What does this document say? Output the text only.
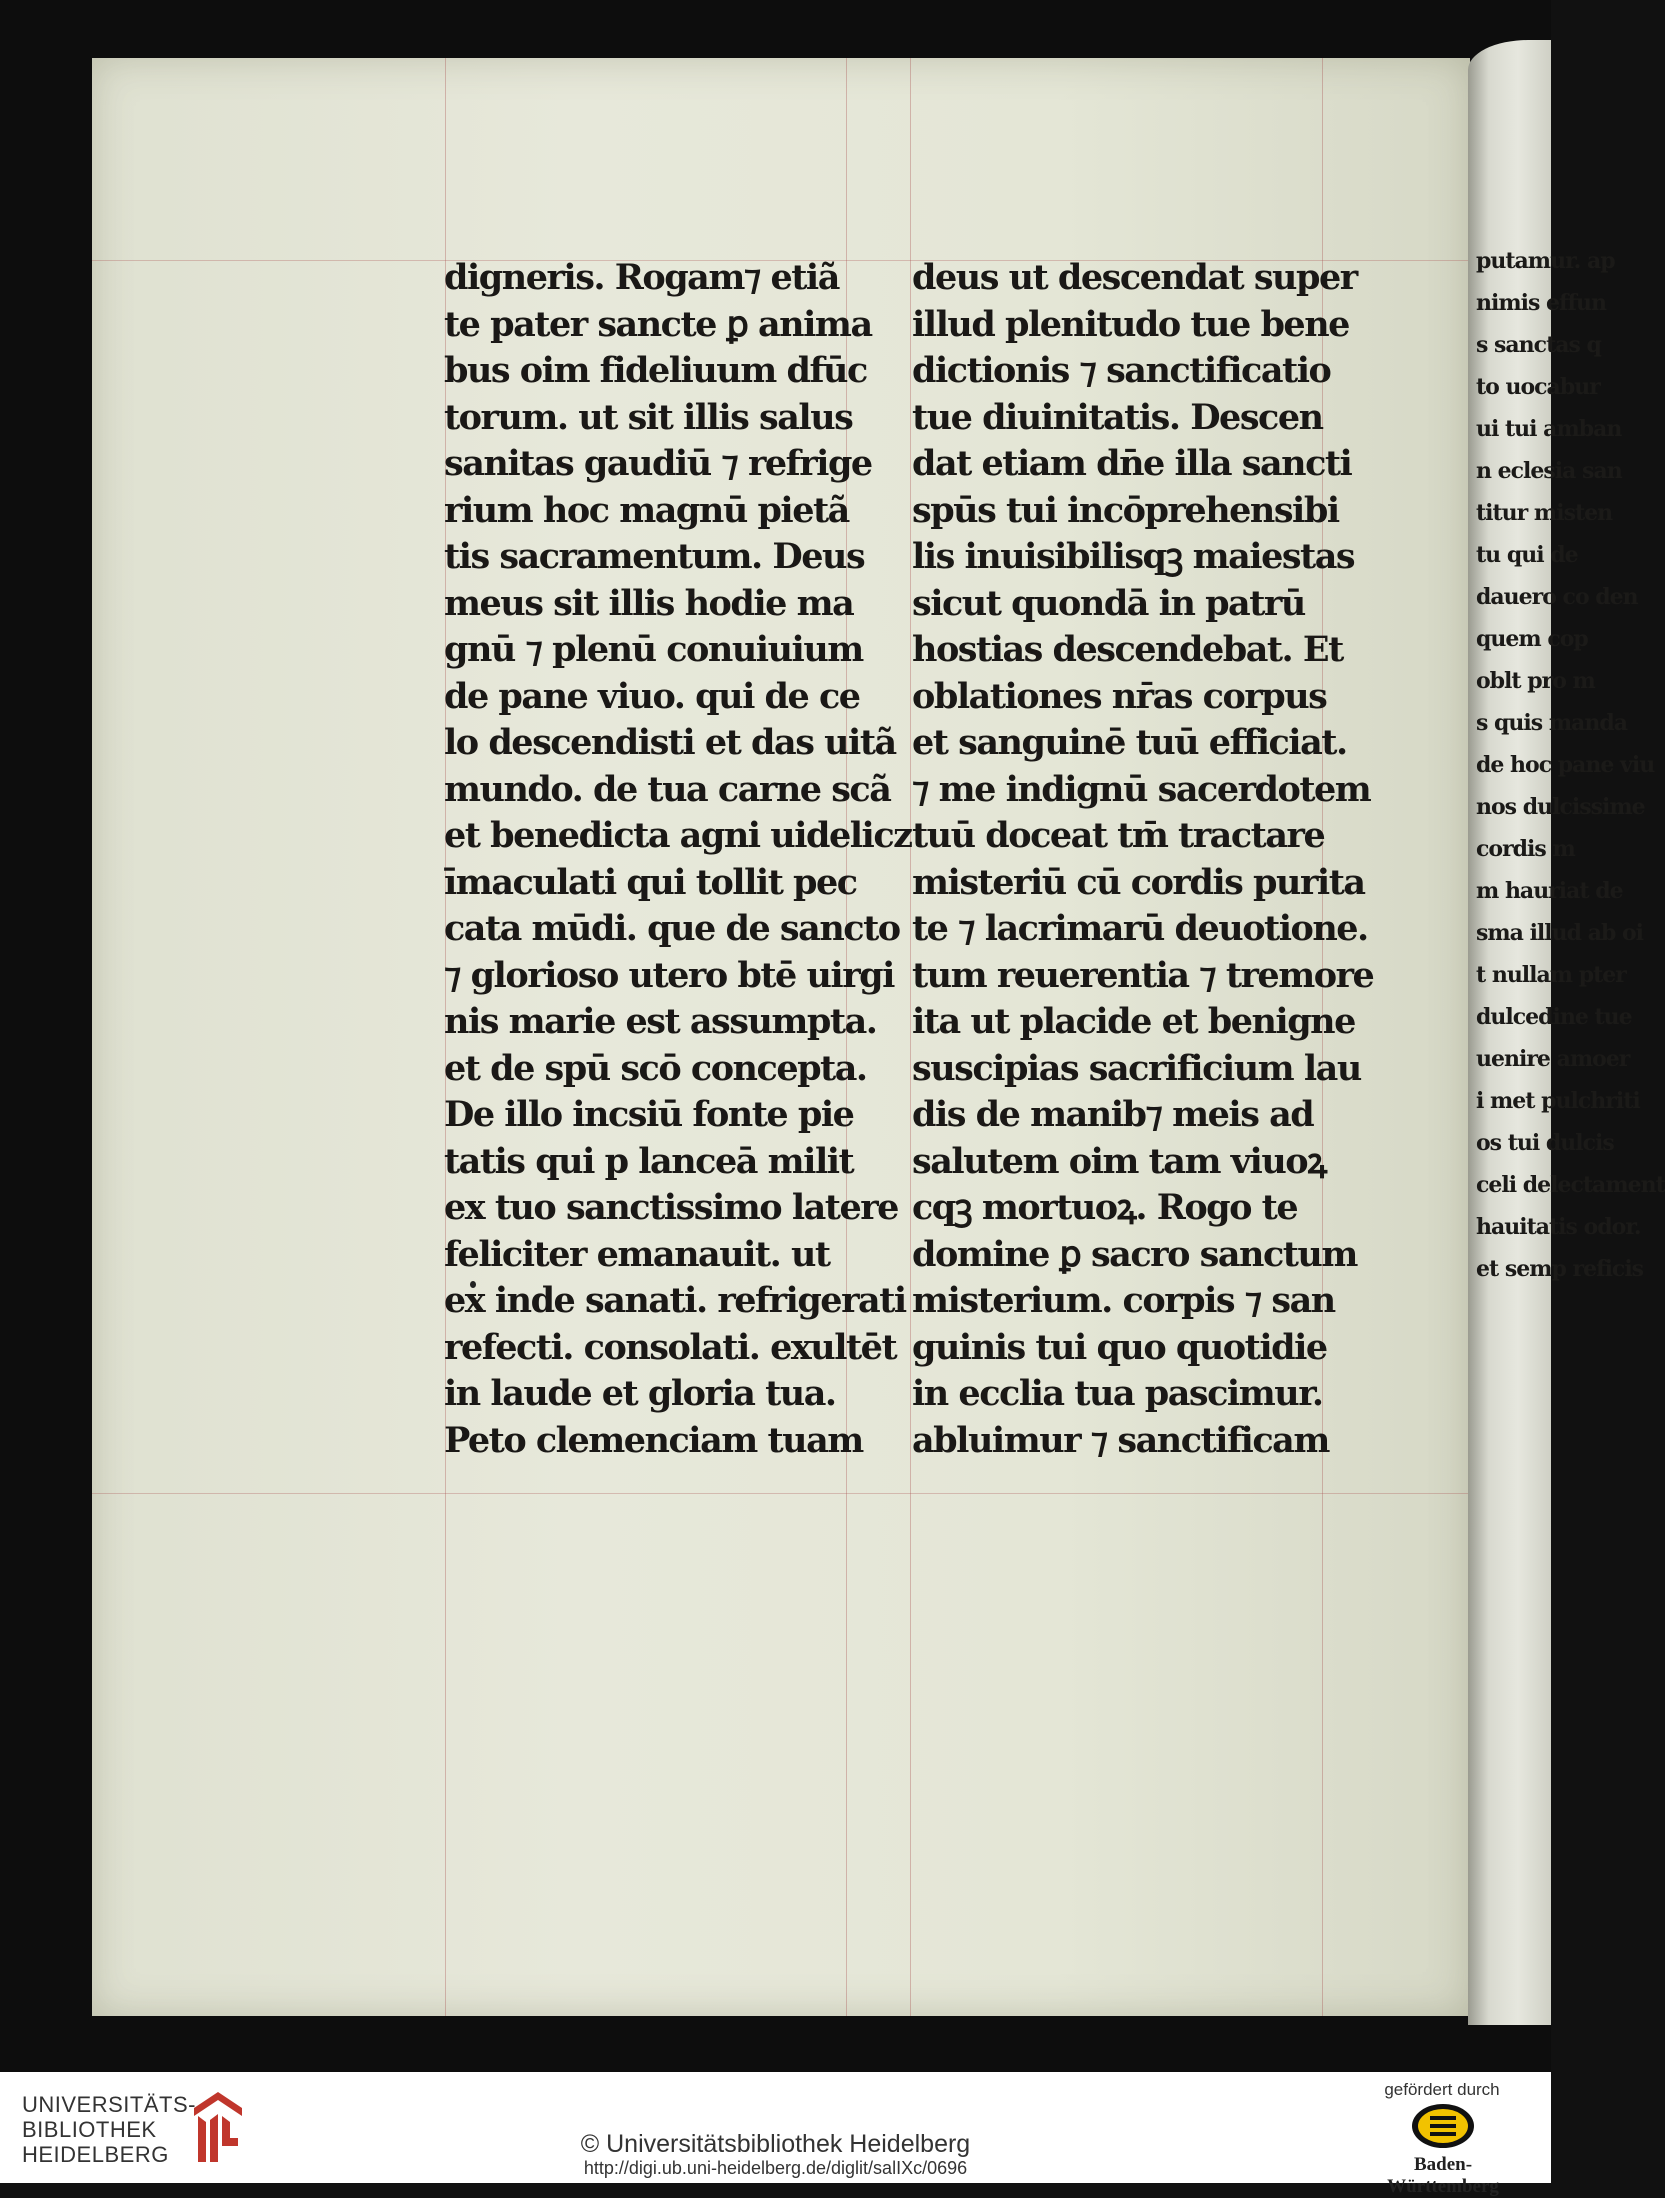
digneris. Rogam⁊ etiã
te pater sancte ꝑ anima
bus oim fideliuum dfūc
torum. ut sit illis salus
sanitas gaudiū ⁊ refrige
rium hoc magnū pietã
tis sacramentum. Deus
meus sit illis hodie ma
gnū ⁊ plenū conuiuium
de pane viuo. qui de ce
lo descendisti et das uitã
mundo. de tua carne scã
et benedicta agni uidelicz
īmaculati qui tollit pec
cata mūdi. que de sancto
⁊ glorioso utero btē uirgi
nis marie est assumpta.
et de spū scō concepta.
De illo incsiū fonte pie
tatis qui p lanceā milit
ex tuo sanctissimo latere
feliciter emanauit. ut
ex inde sanati. refrigerati
refecti. consolati. exultēt
in laude et gloria tua.
Peto clemenciam tuam
deus ut descendat super
illud plenitudo tue bene
dictionis ⁊ sanctificatio
tue diuinitatis. Descen
dat etiam dn̄e illa sancti
spūs tui incōprehensibi
lis inuisibilisqꝫ maiestas
sicut quondā in patrū
hostias descendebat. Et
oblationes nr̄as corpus
et sanguinē tuū efficiat.
⁊ me indignū sacerdotem
tuū doceat tm̄ tractare
misteriū cū cordis purita
te ⁊ lacrimarū deuotione.
tum reuerentia ⁊ tremore
ita ut placide et benigne
suscipias sacrificium lau
dis de manib⁊ meis ad
salutem oim tam viuoꝝ
cqꝫ mortuoꝝ. Rogo te
domine ꝑ sacro sanctum
misterium. corpis ⁊ san
guinis tui quo quotidie
in ecclia tua pascimur.
abluimur ⁊ sanctificam
putamur. ap
nimis effun
s sanctas q
to uocabur
ui tui amban
n eclesia san
titur misten
tu qui de
dauero co den
quem cop
oblt pro m
s quis manda
de hoc pane viu
nos dulcissime
cordis m
m hauriat de
sma illud ab oi
t nullam pter
dulcedine tue
uenire amoer
i met pulchriti
os tui dulcis
celi delectament
hauitatis odor.
et semp reficis
UNIVERSITÄTS-
BIBLIOTHEK
HEIDELBERG	© Universitätsbibliothek Heidelberg
http://digi.ub.uni-heidelberg.de/diglit/salIXc/0696
gefördert durch
Baden-Württemberg
